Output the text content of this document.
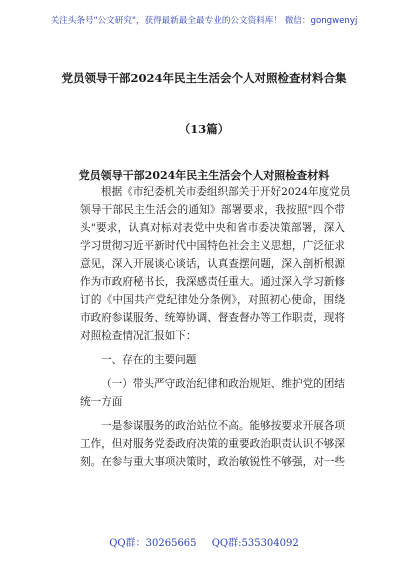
关注头条号"公文研究"，获得最新最全最专业的公文资料库！ 微信：gongwenyj
党员领导干部2024年民主生活会个人对照检查材料合集
（13篇）
党员领导干部2024年民主生活会个人对照检查材料
根据《市纪委机关市委组织部关于开好2024年度党员
领导干部民主生活会的通知》部署要求，我按照"四个带
头"要求，认真对标对表党中央和省市委决策部署，深入
学习贯彻习近平新时代中国特色社会主义思想，广泛征求
意见，深入开展谈心谈话，认真查摆问题，深入剖析根源
作为市政府秘书长，我深感责任重大。通过深入学习新修
订的《中国共产党纪律处分条例》，对照初心使命，围绕
市政府参谋服务、统筹协调、督查督办等工作职责，现将
对照检查情况汇报如下：
一、存在的主要问题
（一）带头严守政治纪律和政治规矩、维护党的团结
统一方面
一是参谋服务的政治站位不高。能够按要求开展各项
工作，但对服务党委政府决策的重要政治职责认识不够深
刻。在参与重大事项决策时，政治敏锐性不够强，对一些
QQ群：30265665 QQ群:535304092
